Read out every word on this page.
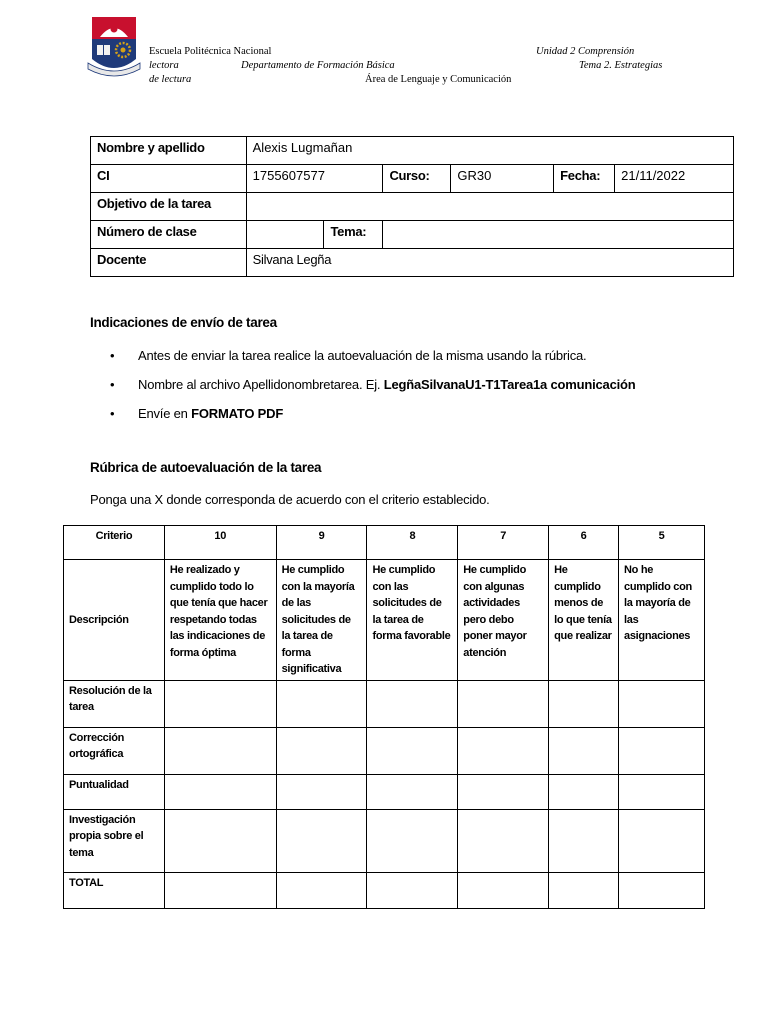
Escuela Politécnica Nacional	Unidad 2 Comprensión
lectora	Departamento de Formación Básica	Tema 2. Estrategias
de lectura	Área de Lenguaje y Comunicación
Nombre y apellido	Alexis Lugmañan					
CI	1755607577		Curso:	GR30	Fecha:	21/11/2022
Objetivo de la tarea						
Número de clase		Tema:				
Docente	Silvana Legña					
Indicaciones de envío de tarea
• Antes de enviar la tarea realice la autoevaluación de la misma usando la rúbrica.
• Nombre al archivo Apellidonombretarea. Ej. LegñaSilvanaU1-T1Tarea1a comunicación
• Envíe en FORMATO PDF
Rúbrica de autoevaluación de la tarea
Ponga una X donde corresponda de acuerdo con el criterio establecido.
Criterio	10	9	8	7	6	5
Descripción	He realizado y cumplido todo lo que tenía que hacer respetando todas las indicaciones de forma óptima	He cumplido con la mayoría de las solicitudes de la tarea de forma significativa	He cumplido con las solicitudes de la tarea de forma favorable	He cumplido con algunas actividades pero debo poner mayor atención	He cumplido menos de lo que tenía que realizar	No he cumplido con la mayoría de las asignaciones
Resolución de la tarea						
Corrección ortográfica						
Puntualidad						
Investigación propia sobre el tema						
TOTAL						
